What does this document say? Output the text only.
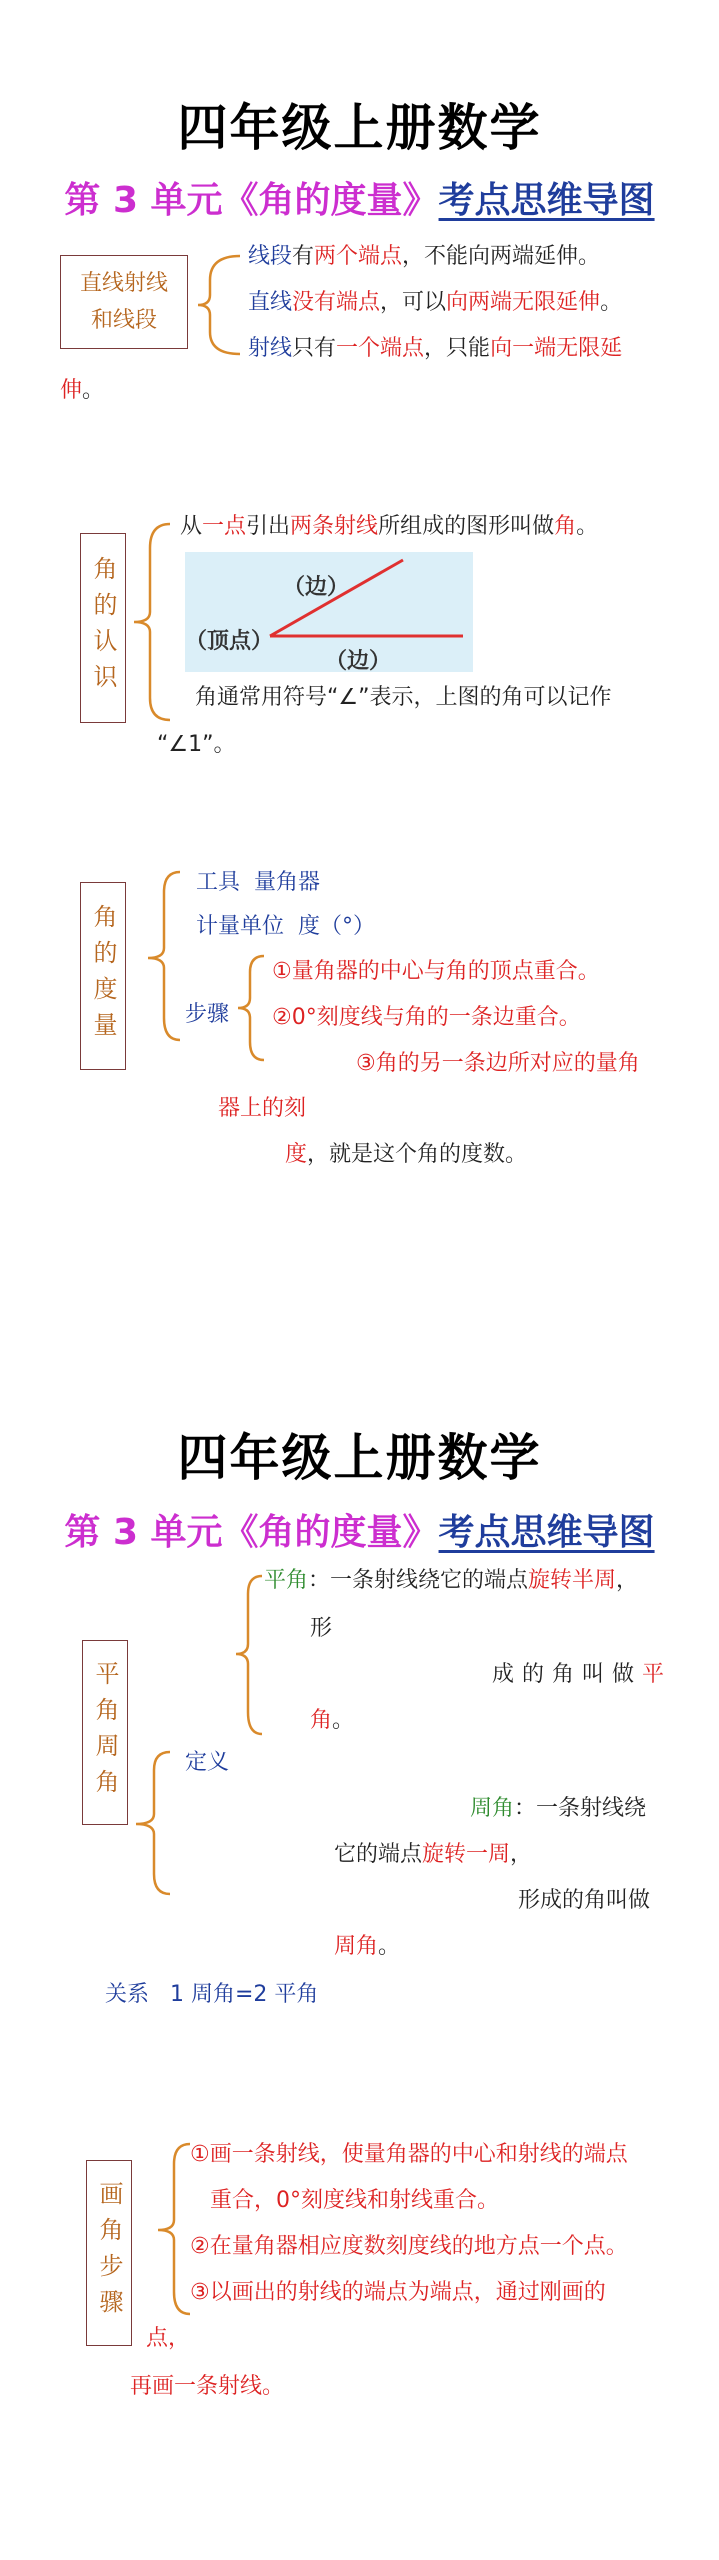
四年级上册数学
第 3 单元《角的度量》考点思维导图
直线射线和线段
线段有两个端点，不能向两端延伸。
直线没有端点，可以向两端无限延伸。
射线只有一个端点，只能向一端无限延
伸。
角的认识
从一点引出两条射线所组成的图形叫做角。
（边）
（顶点）
（边）
角通常用符号“∠”表示，上图的角可以记作
“∠1”。
角的度量
工具 量角器
计量单位 度（°）
步骤
①量角器的中心与角的顶点重合。
②0°刻度线与角的一条边重合。
③角的另一条边所对应的量角
器上的刻
度，就是这个角的度数。
四年级上册数学
第 3 单元《角的度量》考点思维导图
平角周角
平角：一条射线绕它的端点旋转半周，
形
成的角叫做平
角。
定义
周角：一条射线绕
它的端点旋转一周，
形成的角叫做
周角。
关系 1 周角=2 平角
画角步骤
①画一条射线，使量角器的中心和射线的端点
重合，0°刻度线和射线重合。
②在量角器相应度数刻度线的地方点一个点。
③以画出的射线的端点为端点，通过刚画的
点，
再画一条射线。
